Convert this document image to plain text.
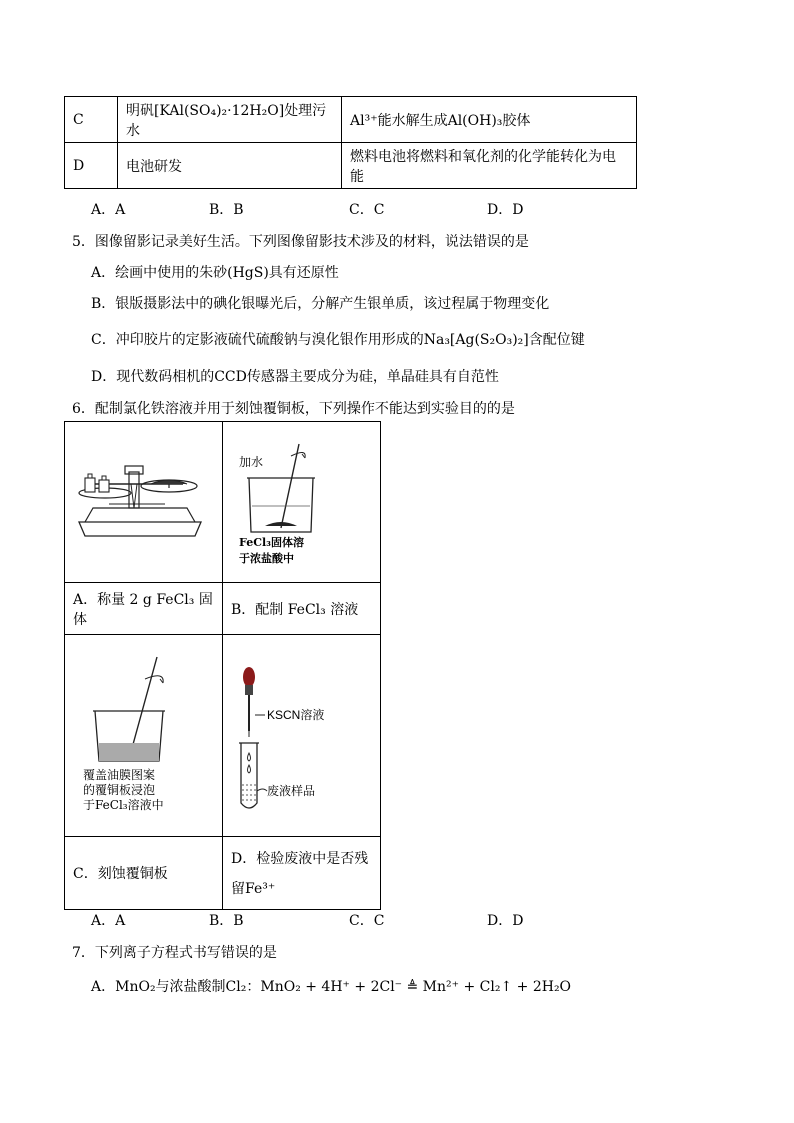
C	明矾[KAl(SO₄)₂·12H₂O]处理污水	Al³⁺能水解生成Al(OH)₃胶体
D	电池研发	燃料电池将燃料和氧化剂的化学能转化为电能
A．A	B．B	C．C	D．D
5．图像留影记录美好生活。下列图像留影技术涉及的材料，说法错误的是
A．绘画中使用的朱砂(HgS)具有还原性
B．银版摄影法中的碘化银曝光后，分解产生银单质，该过程属于物理变化
C．冲印胶片的定影液硫代硫酸钠与溴化银作用形成的Na₃[Ag(S₂O₃)₂]含配位键
D．现代数码相机的CCD传感器主要成分为硅，单晶硅具有自范性
6．配制氯化铁溶液并用于刻蚀覆铜板，下列操作不能达到实验目的的是

加水
FeCl₃固体溶
于浓盐酸中

A．称量 2 g FeCl₃ 固体	B．配制 FeCl₃ 溶液

覆盖油膜图案
的覆铜板浸泡
于FeCl₃溶液中	KSCN溶液
废液样品

C．刻蚀覆铜板	D．检验废液中是否残
留Fe³⁺
A．A	B．B	C．C	D．D
7．下列离子方程式书写错误的是
A．MnO₂与浓盐酸制Cl₂：MnO₂ + 4H⁺ + 2Cl⁻ ≜ Mn²⁺ + Cl₂↑ + 2H₂O
